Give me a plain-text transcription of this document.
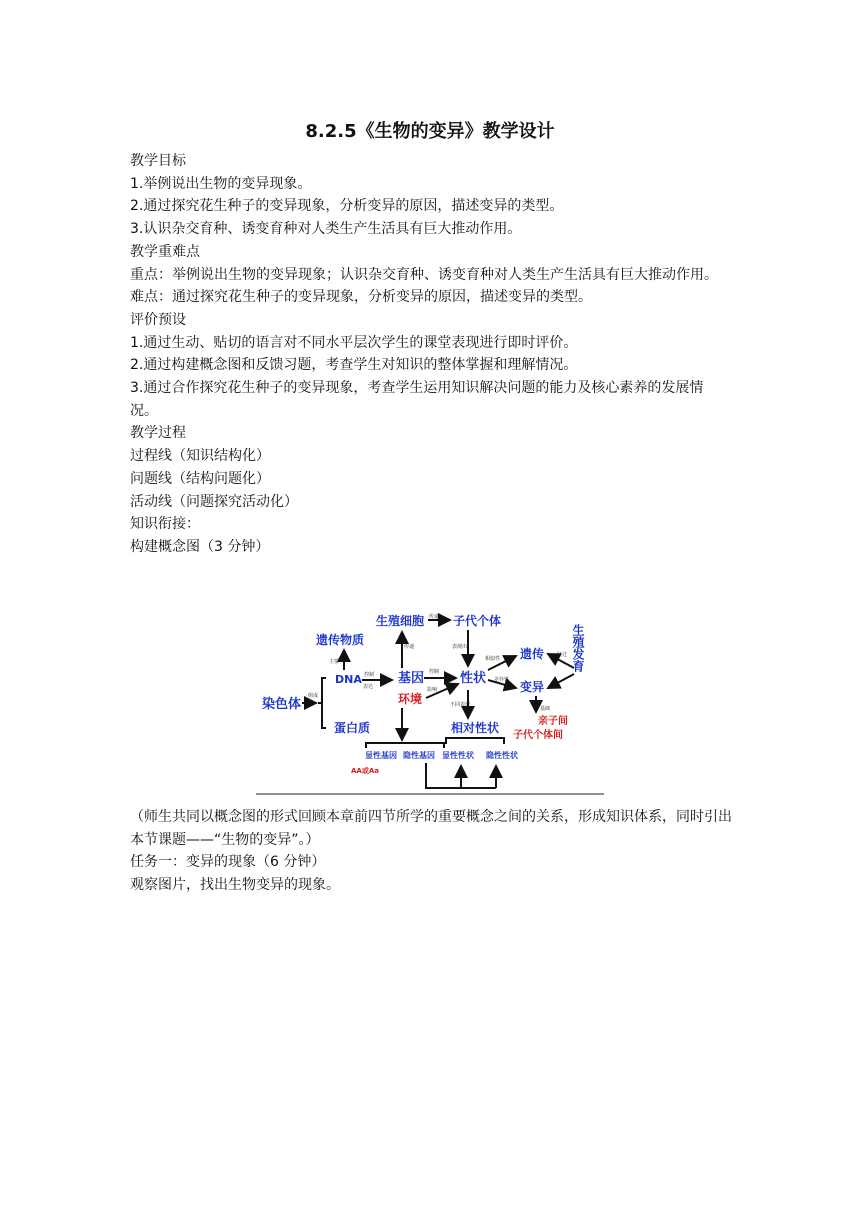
8.2.5《生物的变异》教学设计

教学目标

1.举例说出生物的变异现象。

2.通过探究花生种子的变异现象，分析变异的原因，描述变异的类型。

3.认识杂交育种、诱变育种对人类生产生活具有巨大推动作用。

教学重难点

重点：举例说出生物的变异现象；认识杂交育种、诱变育种对人类生产生活具有巨大推动作用。

难点：通过探究花生种子的变异现象，分析变异的原因，描述变异的类型。

评价预设

1.通过生动、贴切的语言对不同水平层次学生的课堂表现进行即时评价。

2.通过构建概念图和反馈习题，考查学生对知识的整体掌握和理解情况。

3.通过合作探究花生种子的变异现象，考查学生运用知识解决问题的能力及核心素养的发展情况。

教学过程

过程线（知识结构化）

问题线（结构问题化）

活动线（问题探究活动化）

知识衔接：

构建概念图（3 分钟）

染色体
DNA
遗传物质
蛋白质
基因
生殖细胞 子代个体
性状
环境
遗传
变异
生殖发育
相对性状	亲子间
子代个体间
显性基因 隐性基因 显性性状 隐性性状
AA或Aa
主要
组成
控制
表达
传递
传递
控制
影响
表现出
相似性
差异性
不同表现
经过
基础

（师生共同以概念图的形式回顾本章前四节所学的重要概念之间的关系，形成知识体系，同时引出本节课题——“生物的变异”。）

任务一：变异的现象（6 分钟）

观察图片，找出生物变异的现象。
